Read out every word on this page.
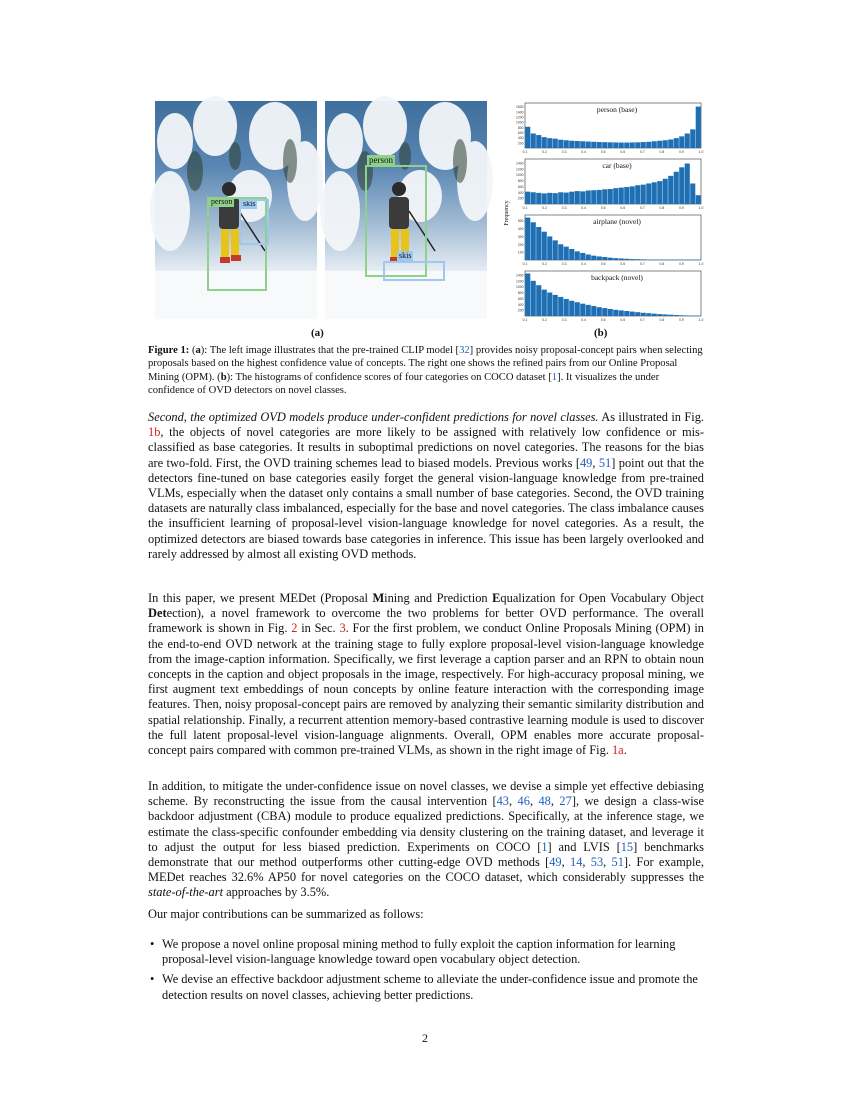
person skis
person
skis
person (base)
200
400
600
800
1000
1200
1400
1600
0.1	0.2	0.3	0.4	0.5	0.6	0.7	0.8	0.9	1.0
car (base)
200
400
600
800
1000
1200
1400
0.1	0.2	0.3	0.4	0.5	0.6	0.7	0.8	0.9	1.0
airplane (novel)
100
200
300
400
500
0.1	0.2	0.3	0.4	0.5	0.6	0.7	0.8	0.9	1.0
backpack (novel)
200
400
600
800
1000
1200
1400
0.1	0.2	0.3	0.4	0.5	0.6	0.7	0.8	0.9	1.0
Frequency
(a)	(b)
Figure 1: (a): The left image illustrates that the pre-trained CLIP model [32] provides noisy proposal-concept pairs when selecting proposals based on the highest confidence value of concepts. The right one shows the refined pairs from our Online Proposal Mining (OPM). (b): The histograms of confidence scores of four categories on COCO dataset [1]. It visualizes the under confidence of OVD detectors on novel classes.

Second, the optimized OVD models produce under-confident predictions for novel classes. As illustrated in Fig. 1b, the objects of novel categories are more likely to be assigned with relatively low confidence or mis-classified as base categories. It results in suboptimal predictions on novel categories. The reasons for the bias are two-fold. First, the OVD training schemes lead to biased models. Previous works [49, 51] point out that the detectors fine-tuned on base categories easily forget the general vision-language knowledge from pre-trained VLMs, especially when the dataset only contains a small number of base categories. Second, the OVD training datasets are naturally class imbalanced, especially for the base and novel categories. The class imbalance causes the insufficient learning of proposal-level vision-language knowledge for novel categories. As a result, the optimized detectors are biased towards base categories in inference. This issue has been largely overlooked and rarely addressed by almost all existing OVD methods.

In this paper, we present MEDet (Proposal Mining and Prediction Equalization for Open Vocabulary Object Detection), a novel framework to overcome the two problems for better OVD performance. The overall framework is shown in Fig. 2 in Sec. 3. For the first problem, we conduct Online Proposals Mining (OPM) in the end-to-end OVD network at the training stage to fully explore proposal-level vision-language knowledge from the image-caption information. Specifically, we first leverage a caption parser and an RPN to obtain noun concepts in the caption and object proposals in the image, respectively. For high-accuracy proposal mining, we first augment text embeddings of noun concepts by online feature interaction with the corresponding image features. Then, noisy proposal-concept pairs are removed by analyzing their semantic similarity distribution and spatial relationship. Finally, a recurrent attention memory-based contrastive learning module is used to discover the full latent proposal-level vision-language alignments. Overall, OPM enables more accurate proposal-concept pairs compared with common pre-trained VLMs, as shown in the right image of Fig. 1a.

In addition, to mitigate the under-confidence issue on novel classes, we devise a simple yet effective debiasing scheme. By reconstructing the issue from the causal intervention [43, 46, 48, 27], we design a class-wise backdoor adjustment (CBA) module to produce equalized predictions. Specifically, at the inference stage, we estimate the class-specific confounder embedding via density clustering on the training dataset, and leverage it to adjust the output for less biased prediction. Experiments on COCO [1] and LVIS [15] benchmarks demonstrate that our method outperforms other cutting-edge OVD methods [49, 14, 53, 51]. For example, MEDet reaches 32.6% AP50 for novel categories on the COCO dataset, which considerably suppresses the state-of-the-art approaches by 3.5%.

Our major contributions can be summarized as follows:

• We propose a novel online proposal mining method to fully exploit the caption information for learning proposal-level vision-language knowledge toward open vocabulary object detection.
• We devise an effective backdoor adjustment scheme to alleviate the under-confidence issue and promote the detection results on novel classes, achieving better predictions.
2
